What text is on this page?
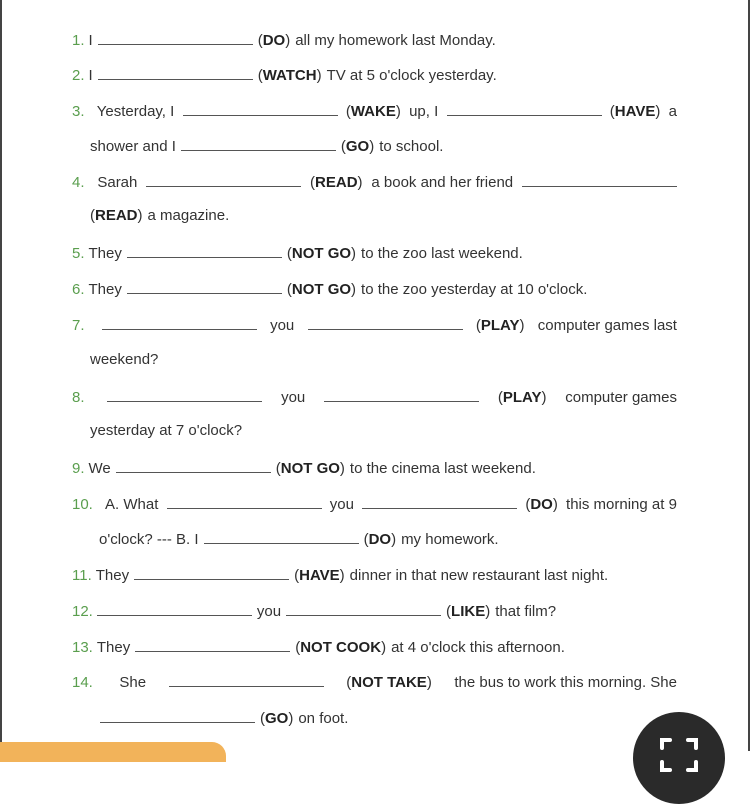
1. I	(DO) all my homework last Monday.
2. I	(WATCH) TV at 5 o'clock yesterday.
3. Yesterday, I	(WAKE) up, I	(HAVE) a
shower and I	(GO) to school.
4. Sarah	(READ) a book and her friend
(READ) a magazine.
5. They	(NOT GO) to the zoo last weekend.
6. They	(NOT GO) to the zoo yesterday at 10 o'clock.
7.	you	(PLAY) computer games last
weekend?
8.	you	(PLAY) computer games
yesterday at 7 o'clock?
9. We	(NOT GO) to the cinema last weekend.
10. A. What	you	(DO) this morning at 9
o'clock? --- B. I	(DO) my homework.
11. They	(HAVE) dinner in that new restaurant last night.
12.	you	(LIKE) that film?
13. They	(NOT COOK) at 4 o'clock this afternoon.
14. She	(NOT TAKE) the bus to work this morning. She
(GO) on foot.
